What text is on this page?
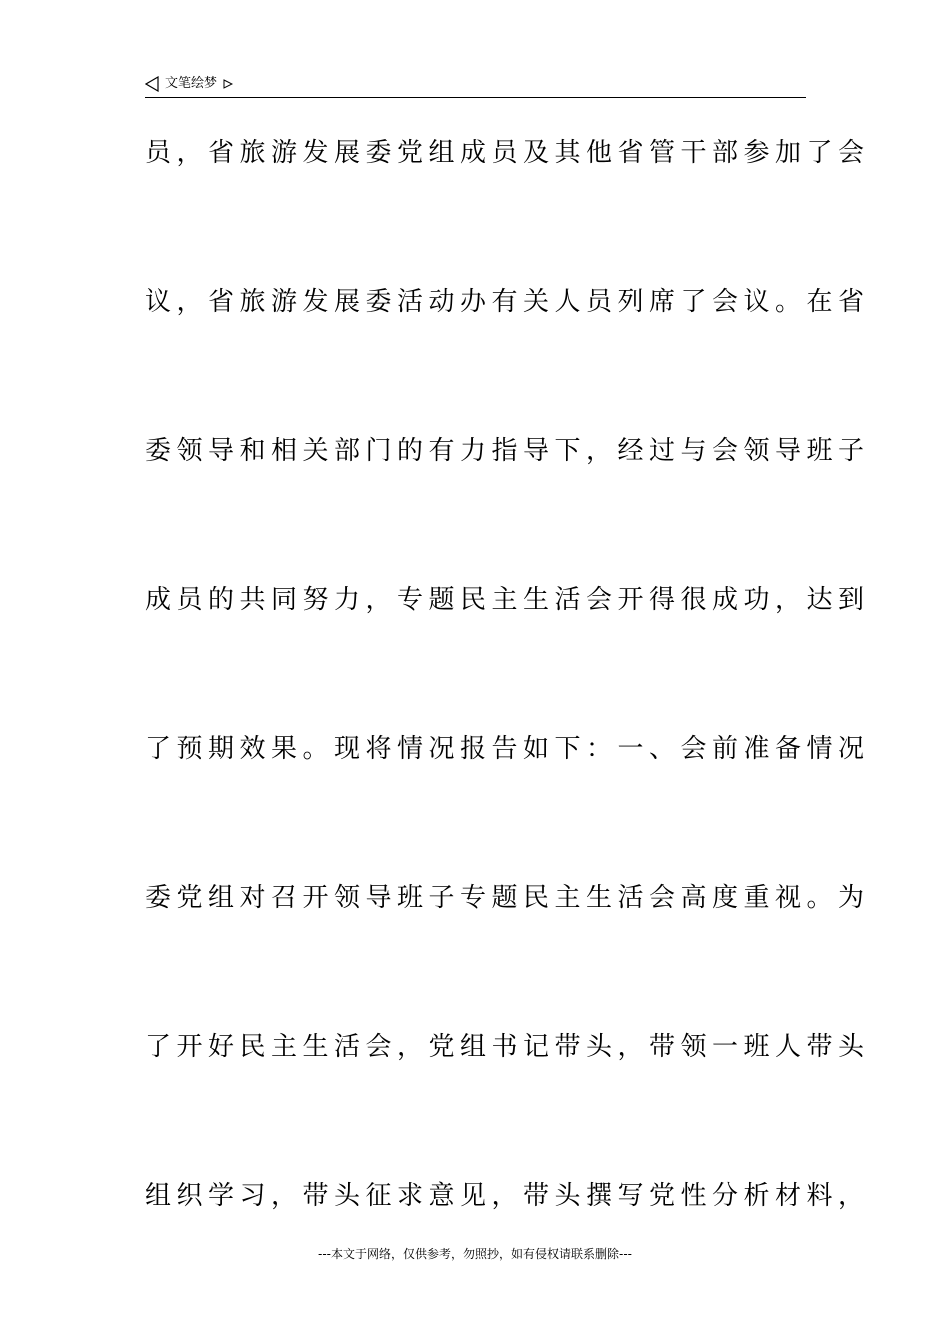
文笔绘梦
员，省旅游发展委党组成员及其他省管干部参加了会
议，省旅游发展委活动办有关人员列席了会议。在省
委领导和相关部门的有力指导下，经过与会领导班子
成员的共同努力，专题民主生活会开得很成功，达到
了预期效果。现将情况报告如下：一、会前准备情况
委党组对召开领导班子专题民主生活会高度重视。为
了开好民主生活会，党组书记带头，带领一班人带头
组织学习，带头征求意见，带头撰写党性分析材料，
---本文于网络，仅供参考，勿照抄，如有侵权请联系删除---
